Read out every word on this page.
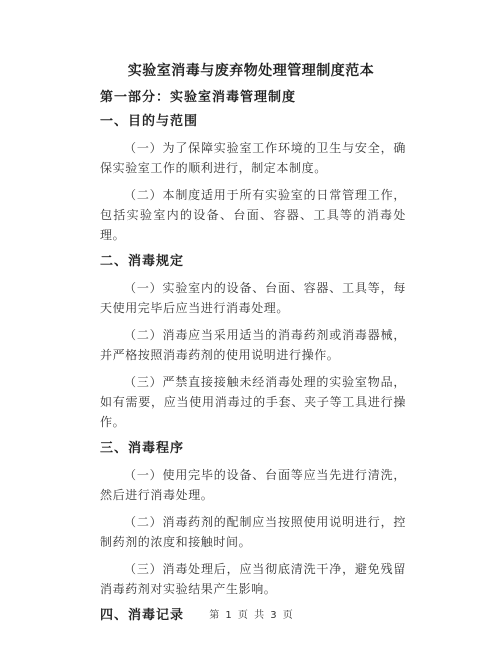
实验室消毒与废弃物处理管理制度范本
第一部分：实验室消毒管理制度
一、目的与范围

（一）为了保障实验室工作环境的卫生与安全，确保实验室工作的顺利进行，制定本制度。

（二）本制度适用于所有实验室的日常管理工作，包括实验室内的设备、台面、容器、工具等的消毒处理。

二、消毒规定

（一）实验室内的设备、台面、容器、工具等，每天使用完毕后应当进行消毒处理。

（二）消毒应当采用适当的消毒药剂或消毒器械，并严格按照消毒药剂的使用说明进行操作。

（三）严禁直接接触未经消毒处理的实验室物品，如有需要，应当使用消毒过的手套、夹子等工具进行操作。

三、消毒程序

（一）使用完毕的设备、台面等应当先进行清洗，然后进行消毒处理。

（二）消毒药剂的配制应当按照使用说明进行，控制药剂的浓度和接触时间。

（三）消毒处理后，应当彻底清洗干净，避免残留消毒药剂对实验结果产生影响。

四、消毒记录	第 1 页 共 3 页
